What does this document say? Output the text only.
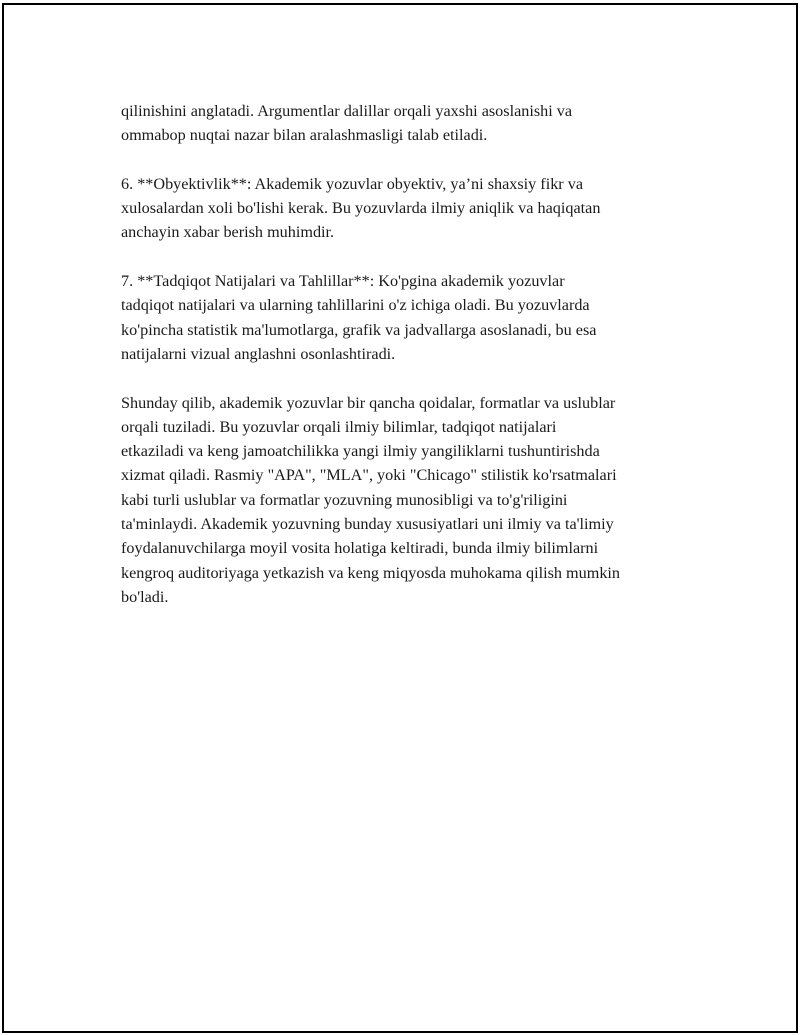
qilinishini anglatadi. Argumentlar dalillar orqali yaxshi asoslanishi va
ommabop nuqtai nazar bilan aralashmasligi talab etiladi.

6. **Obyektivlik**: Akademik yozuvlar obyektiv, ya’ni shaxsiy fikr va
xulosalardan xoli bo'lishi kerak. Bu yozuvlarda ilmiy aniqlik va haqiqatan
anchayin xabar berish muhimdir.

7. **Tadqiqot Natijalari va Tahlillar**: Ko'pgina akademik yozuvlar
tadqiqot natijalari va ularning tahlillarini o'z ichiga oladi. Bu yozuvlarda
ko'pincha statistik ma'lumotlarga, grafik va jadvallarga asoslanadi, bu esa
natijalarni vizual anglashni osonlashtiradi.

Shunday qilib, akademik yozuvlar bir qancha qoidalar, formatlar va uslublar
orqali tuziladi. Bu yozuvlar orqali ilmiy bilimlar, tadqiqot natijalari
etkaziladi va keng jamoatchilikka yangi ilmiy yangiliklarni tushuntirishda
xizmat qiladi. Rasmiy "APA", "MLA", yoki "Chicago" stilistik ko'rsatmalari
kabi turli uslublar va formatlar yozuvning munosibligi va to'g'riligini
ta'minlaydi. Akademik yozuvning bunday xususiyatlari uni ilmiy va ta'limiy
foydalanuvchilarga moyil vosita holatiga keltiradi, bunda ilmiy bilimlarni
kengroq auditoriyaga yetkazish va keng miqyosda muhokama qilish mumkin
bo'ladi.
